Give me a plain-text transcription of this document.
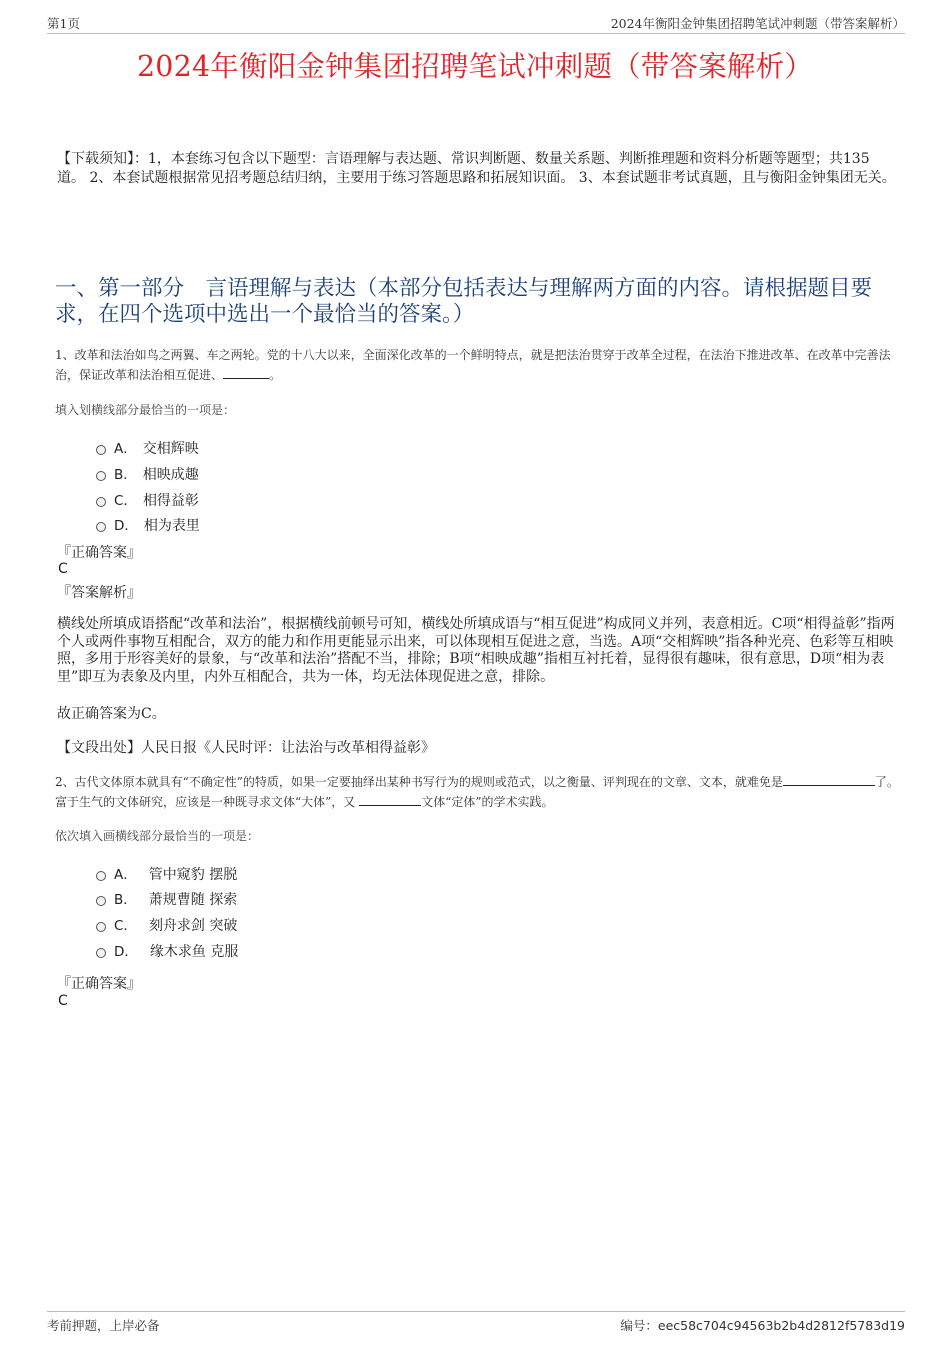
第1页	2024年衡阳金钟集团招聘笔试冲刺题（带答案解析）
2024年衡阳金钟集团招聘笔试冲刺题（带答案解析）
【下载须知】：1，本套练习包含以下题型：言语理解与表达题、常识判断题、数量关系题、判断推理题和资料分析题等题型；共135道。 2、本套试题根据常见招考题总结归纳，主要用于练习答题思路和拓展知识面。 3、本套试题非考试真题，且与衡阳金钟集团无关。
一、第一部分　言语理解与表达（本部分包括表达与理解两方面的内容。请根据题目要求，在四个选项中选出一个最恰当的答案。）
1、改革和法治如鸟之两翼、车之两轮。党的十八大以来，全面深化改革的一个鲜明特点，就是把法治贯穿于改革全过程，在法治下推进改革、在改革中完善法治，保证改革和法治相互促进、	。
填入划横线部分最恰当的一项是：
A． 交相辉映
B． 相映成趣
C． 相得益彰
D． 相为表里
『正确答案』
C
『答案解析』
横线处所填成语搭配“改革和法治”，根据横线前顿号可知，横线处所填成语与“相互促进”构成同义并列，表意相近。C项“相得益彰”指两个人或两件事物互相配合，双方的能力和作用更能显示出来，可以体现相互促进之意，当选。A项“交相辉映”指各种光亮、色彩等互相映照，多用于形容美好的景象，与“改革和法治”搭配不当，排除；B项“相映成趣”指相互衬托着，显得很有趣味，很有意思，D项“相为表里”即互为表象及内里，内外互相配合，共为一体，均无法体现促进之意，排除。
故正确答案为C。
【文段出处】人民日报《人民时评：让法治与改革相得益彰》
2、古代文体原本就具有“不确定性”的特质，如果一定要抽绎出某种书写行为的规则或范式，以之衡量、评判现在的文章、文本，就难免是	了。富于生气的文体研究，应该是一种既寻求文体“大体”，又	文体“定体”的学术实践。
依次填入画横线部分最恰当的一项是：
A． 管中窥豹 摆脱
B． 萧规曹随 探索
C． 刻舟求剑 突破
D． 缘木求鱼 克服
『正确答案』
C
考前押题，上岸必备	编号：eec58c704c94563b2b4d2812f5783d19
